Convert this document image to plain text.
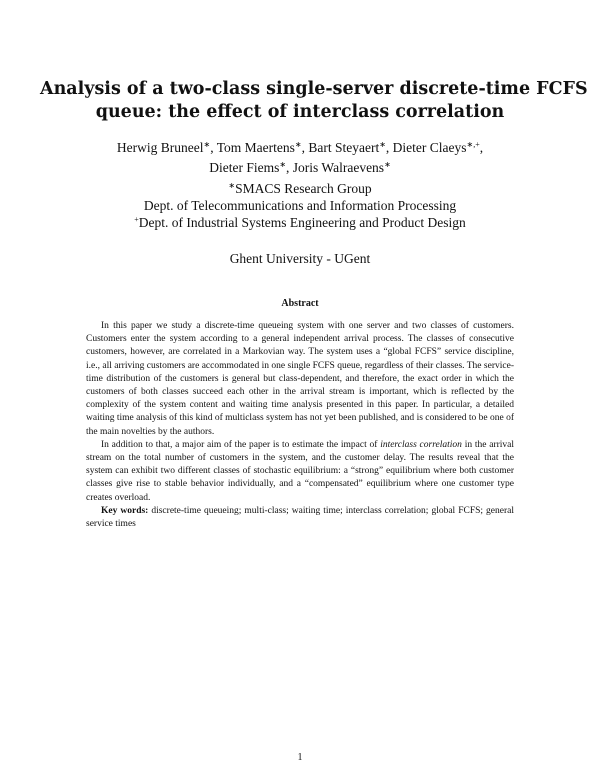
Analysis of a two-class single-server discrete-time FCFS
queue: the effect of interclass correlation
Herwig Bruneel∗, Tom Maertens∗, Bart Steyaert∗, Dieter Claeys∗,+,
Dieter Fiems∗, Joris Walraevens∗
∗SMACS Research Group
Dept. of Telecommunications and Information Processing
+Dept. of Industrial Systems Engineering and Product Design
Ghent University - UGent
Abstract

In this paper we study a discrete-time queueing system with one server and two classes of customers. Customers enter the system according to a general independent arrival process. The classes of consecutive customers, however, are correlated in a Markovian way. The system uses a “global FCFS” service discipline, i.e., all arriving customers are accommodated in one single FCFS queue, regardless of their classes. The service-time distribution of the customers is general but class-dependent, and therefore, the exact order in which the customers of both classes succeed each other in the arrival stream is important, which is reflected by the complexity of the system content and waiting time analysis presented in this paper. In particular, a detailed waiting time analysis of this kind of multiclass system has not yet been published, and is considered to be one of the main novelties by the authors.

In addition to that, a major aim of the paper is to estimate the impact of interclass correlation in the arrival stream on the total number of customers in the system, and the customer delay. The results reveal that the system can exhibit two different classes of stochastic equilibrium: a “strong” equilibrium where both customer classes give rise to stable behavior individually, and a “compensated” equilibrium where one customer type creates overload.

Key words: discrete-time queueing; multi-class; waiting time; interclass correlation; global FCFS; general service times

1
